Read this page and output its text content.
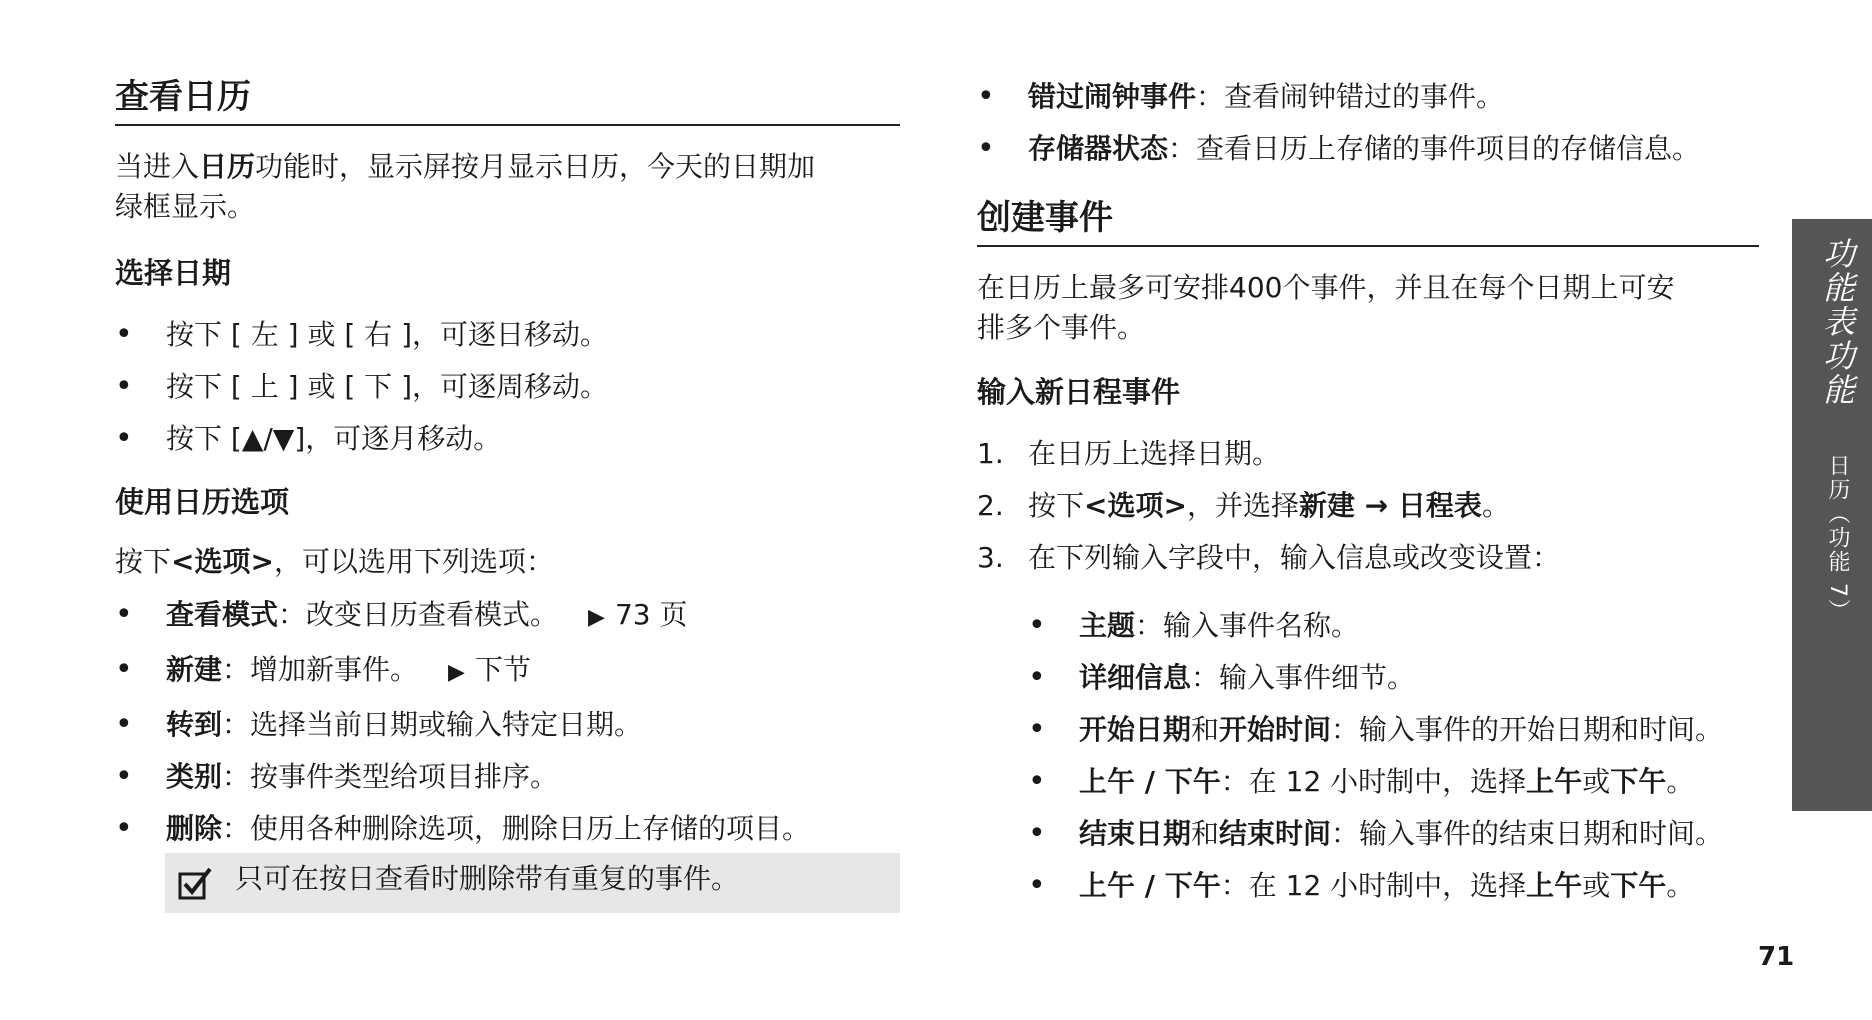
查看日历

当进入日历功能时，显示屏按月显示日历，今天的日期加

绿框显示。

选择日期
• 按下 [ 左 ] 或 [ 右 ]，可逐日移动。
• 按下 [ 上 ] 或 [ 下 ]，可逐周移动。
• 按下 [▲/▼]，可逐月移动。
使用日历选项

按下<选项>，可以选用下列选项：

• 查看模式：改变日历查看模式。 ▶ 73 页
• 新建：增加新事件。 ▶ 下节
• 转到：选择当前日期或输入特定日期。
• 类别：按事件类型给项目排序。
• 删除：使用各种删除选项，删除日历上存储的项目。
只可在按日查看时删除带有重复的事件。
• 错过闹钟事件：查看闹钟错过的事件。
• 存储器状态：查看日历上存储的事件项目的存储信息。
创建事件

在日历上最多可安排400个事件，并且在每个日期上可安

排多个事件。

输入新日程事件
1. 在日历上选择日期。
2. 按下<选项>，并选择新建 → 日程表。
3. 在下列输入字段中，输入信息或改变设置：
• 主题：输入事件名称。
• 详细信息：输入事件细节。
• 开始日期和开始时间：输入事件的开始日期和时间。
• 上午 / 下午：在 12 小时制中，选择上午或下午。
• 结束日期和结束时间：输入事件的结束日期和时间。
• 上午 / 下午：在 12 小时制中，选择上午或下午。
功能表功能 日历（功能 7）
71
